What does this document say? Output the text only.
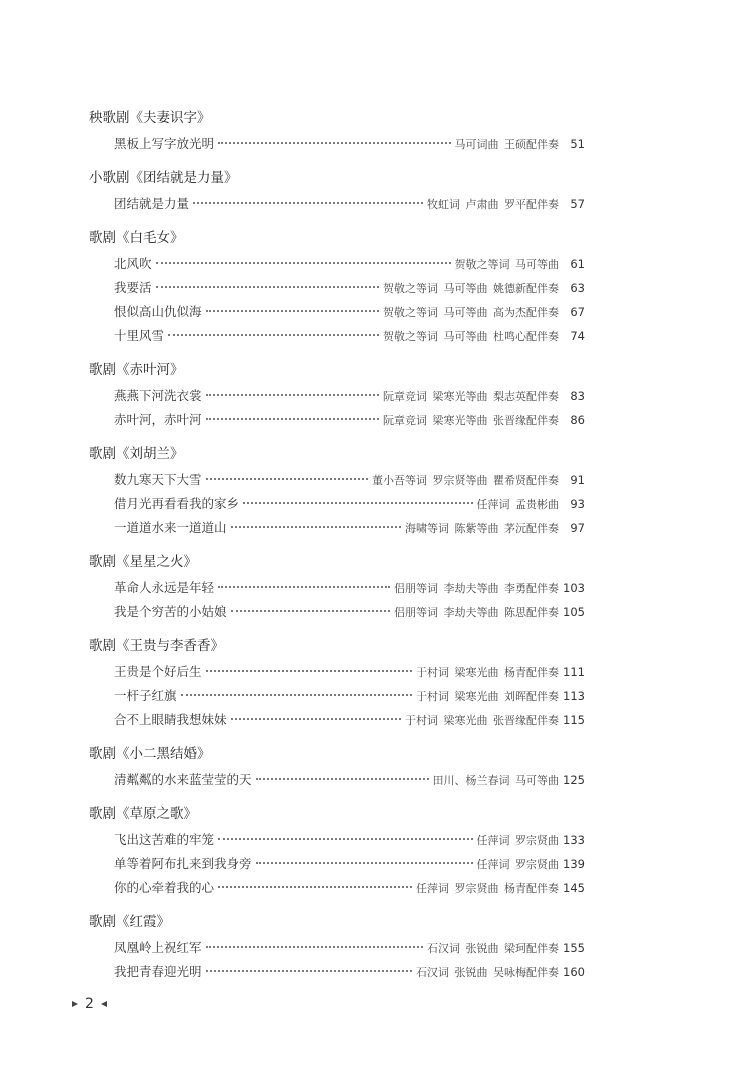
秧歌剧《夫妻识字》
黑板上写字放光明	马可词曲 王硕配伴奏 51
小歌剧《团结就是力量》
团结就是力量	牧虹词 卢肃曲 罗平配伴奏 57
歌剧《白毛女》
北风吹	贺敬之等词 马可等曲 61
我要活	贺敬之等词 马可等曲 姚德新配伴奏 63
恨似高山仇似海	贺敬之等词 马可等曲 高为杰配伴奏 67
十里风雪	贺敬之等词 马可等曲 杜鸣心配伴奏 74
歌剧《赤叶河》
燕燕下河洗衣裳	阮章竞词 梁寒光等曲 梨志英配伴奏 83
赤叶河，赤叶河	阮章竞词 梁寒光等曲 张晋缘配伴奏 86
歌剧《刘胡兰》
数九寒天下大雪	董小吾等词 罗宗贤等曲 瞿希贤配伴奏 91
借月光再看看我的家乡	任萍词 孟贵彬曲 93
一道道水来一道道山	海啸等词 陈紫等曲 茅沅配伴奏 97
歌剧《星星之火》
革命人永远是年轻	侣朋等词 李劫夫等曲 李勇配伴奏 103
我是个穷苦的小姑娘	侣朋等词 李劫夫等曲 陈思配伴奏 105
歌剧《王贵与李香香》
王贵是个好后生	于村词 梁寒光曲 杨青配伴奏 111
一杆子红旗	于村词 梁寒光曲 刘晖配伴奏 113
合不上眼睛我想妹妹	于村词 梁寒光曲 张晋缘配伴奏 115
歌剧《小二黑结婚》
清粼粼的水来蓝莹莹的天	田川、杨兰春词 马可等曲 125
歌剧《草原之歌》
飞出这苦难的牢笼	任萍词 罗宗贤曲 133
单等着阿布扎来到我身旁	任萍词 罗宗贤曲 139
你的心牵着我的心	任萍词 罗宗贤曲 杨青配伴奏 145
歌剧《红霞》
凤凰岭上祝红军	石汉词 张锐曲 梁珂配伴奏 155
我把青春迎光明	石汉词 张锐曲 吴咏梅配伴奏 160
2
